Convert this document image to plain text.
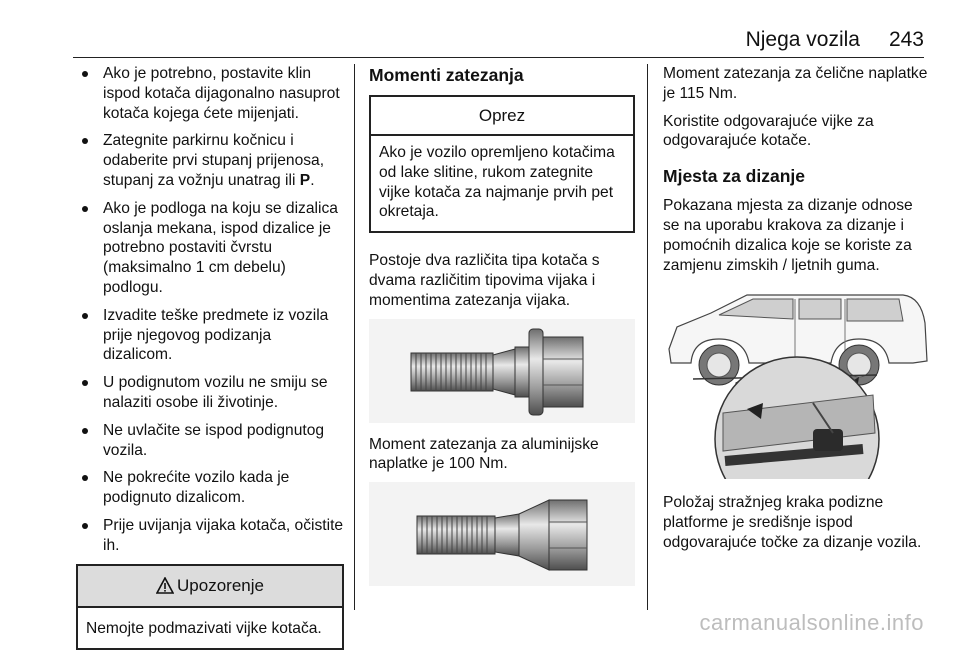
Njega vozila 243
Ako je potrebno, postavite klin ispod kotača dijagonalno nasuprot kotača kojega ćete mijenjati.
Zategnite parkirnu kočnicu i odaberite prvi stupanj prijenosa, stupanj za vožnju unatrag ili P.
Ako je podloga na koju se dizalica oslanja mekana, ispod dizalice je potrebno postaviti čvrstu (maksimalno 1 cm debelu) podlogu.
Izvadite teške predmete iz vozila prije njegovog podizanja dizalicom.
U podignutom vozilu ne smiju se nalaziti osobe ili životinje.
Ne uvlačite se ispod podignutog vozila.
Ne pokrećite vozilo kada je podignuto dizalicom.
Prije uvijanja vijaka kotača, očistite ih.
Upozorenje
Nemojte podmazivati vijke kotača.
Momenti zatezanja
Oprez
Ako je vozilo opremljeno kotačima od lake slitine, rukom zategnite vijke kotača za najmanje prvih pet okretaja.

Postoje dva različita tipa kotača s dvama različitim tipovima vijaka i momentima zatezanja vijaka.

Moment zatezanja za aluminijske naplatke je 100 Nm.

Moment zatezanja za čelične naplatke je 115 Nm.

Koristite odgovarajuće vijke za odgovarajuće kotače.

Mjesta za dizanje

Pokazana mjesta za dizanje odnose se na uporabu krakova za dizanje i pomoćnih dizalica koje se koriste za zamjenu zimskih / ljetnih guma.

Položaj stražnjeg kraka podizne platforme je središnje ispod odgovarajuće točke za dizanje vozila.

carmanualsonline.info
